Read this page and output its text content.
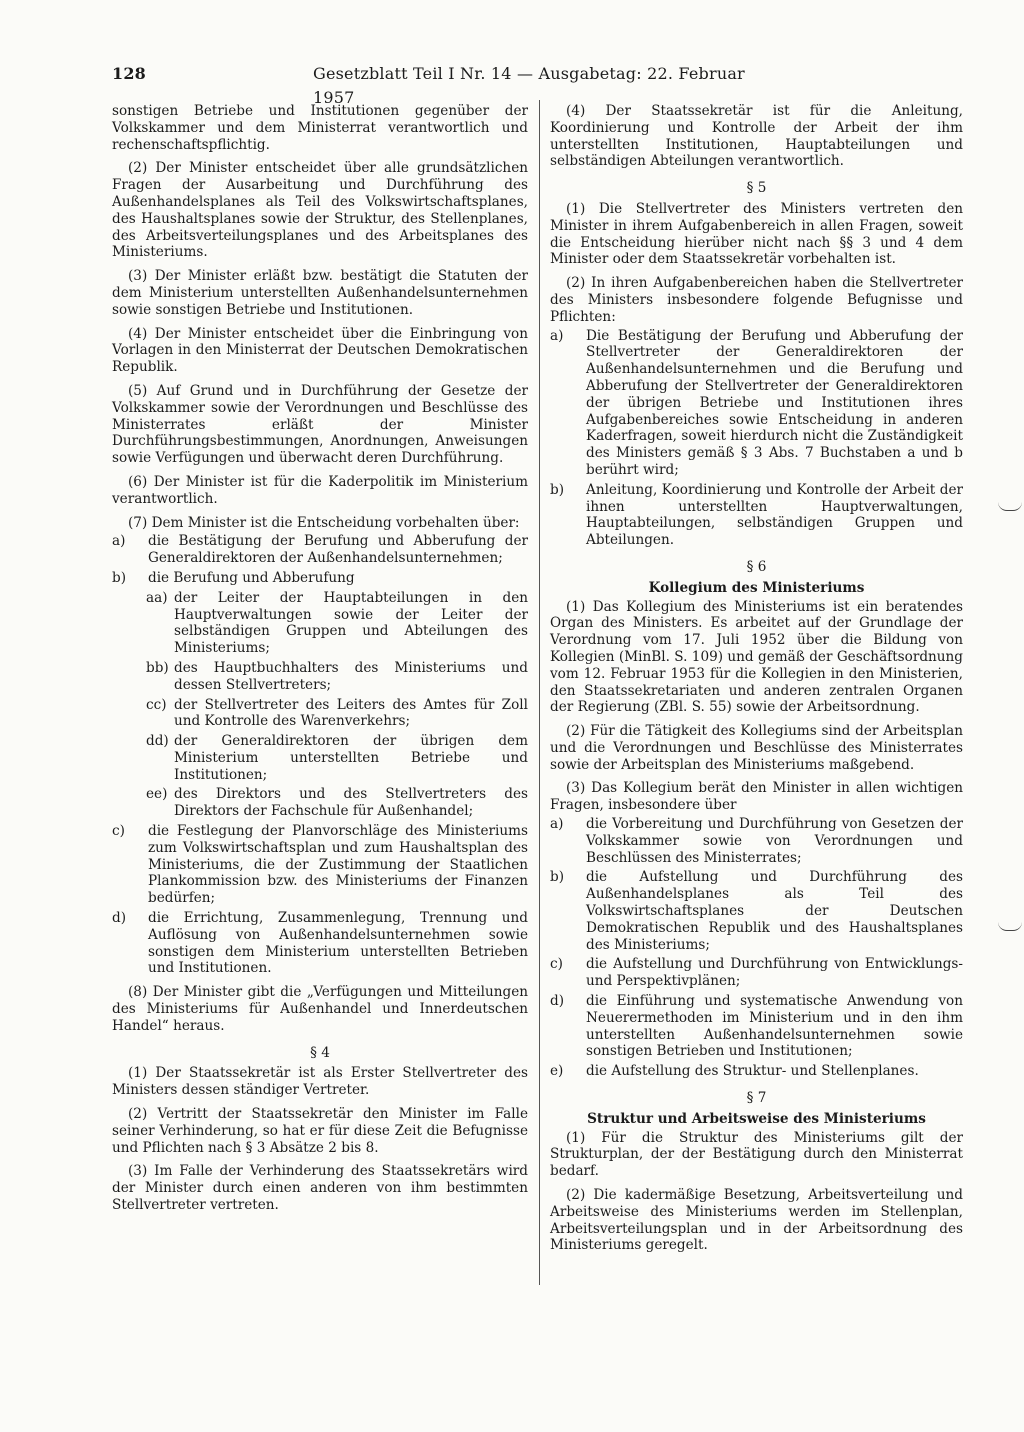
128	Gesetzblatt Teil I Nr. 14 — Ausgabetag: 22. Februar 1957

sonstigen Betriebe und Institutionen gegenüber der Volkskammer und dem Ministerrat verantwortlich und rechenschaftspflichtig.

(2) Der Minister entscheidet über alle grundsätzlichen Fragen der Ausarbeitung und Durchführung des Außenhandelsplanes als Teil des Volkswirtschaftsplanes, des Haushaltsplanes sowie der Struktur, des Stellenplanes, des Arbeitsverteilungsplanes und des Arbeitsplanes des Ministeriums.

(3) Der Minister erläßt bzw. bestätigt die Statuten der dem Ministerium unterstellten Außenhandelsunternehmen sowie sonstigen Betriebe und Institutionen.

(4) Der Minister entscheidet über die Einbringung von Vorlagen in den Ministerrat der Deutschen Demokratischen Republik.

(5) Auf Grund und in Durchführung der Gesetze der Volkskammer sowie der Verordnungen und Beschlüsse des Ministerrates erläßt der Minister Durchführungsbestimmungen, Anordnungen, Anweisungen sowie Verfügungen und überwacht deren Durchführung.

(6) Der Minister ist für die Kaderpolitik im Ministerium verantwortlich.

(7) Dem Minister ist die Entscheidung vorbehalten über:

a) die Bestätigung der Berufung und Abberufung der Generaldirektoren der Außenhandelsunternehmen;
b) die Berufung und Abberufung
aa) der Leiter der Hauptabteilungen in den Hauptverwaltungen sowie der Leiter der selbständigen Gruppen und Abteilungen des Ministeriums;
bb) des Hauptbuchhalters des Ministeriums und dessen Stellvertreters;
cc) der Stellvertreter des Leiters des Amtes für Zoll und Kontrolle des Warenverkehrs;
dd) der Generaldirektoren der übrigen dem Ministerium unterstellten Betriebe und Institutionen;
ee) des Direktors und des Stellvertreters des Direktors der Fachschule für Außenhandel;
c) die Festlegung der Planvorschläge des Ministeriums zum Volkswirtschaftsplan und zum Haushaltsplan des Ministeriums, die der Zustimmung der Staatlichen Plankommission bzw. des Ministeriums der Finanzen bedürfen;
d) die Errichtung, Zusammenlegung, Trennung und Auflösung von Außenhandelsunternehmen sowie sonstigen dem Ministerium unterstellten Betrieben und Institutionen.

(8) Der Minister gibt die „Verfügungen und Mitteilungen des Ministeriums für Außenhandel und Innerdeutschen Handel“ heraus.

§ 4

(1) Der Staatssekretär ist als Erster Stellvertreter des Ministers dessen ständiger Vertreter.

(2) Vertritt der Staatssekretär den Minister im Falle seiner Verhinderung, so hat er für diese Zeit die Befugnisse und Pflichten nach § 3 Absätze 2 bis 8.

(3) Im Falle der Verhinderung des Staatssekretärs wird der Minister durch einen anderen von ihm bestimmten Stellvertreter vertreten.

(4) Der Staatssekretär ist für die Anleitung, Koordinierung und Kontrolle der Arbeit der ihm unterstellten Institutionen, Hauptabteilungen und selbständigen Abteilungen verantwortlich.

§ 5

(1) Die Stellvertreter des Ministers vertreten den Minister in ihrem Aufgabenbereich in allen Fragen, soweit die Entscheidung hierüber nicht nach §§ 3 und 4 dem Minister oder dem Staatssekretär vorbehalten ist.

(2) In ihren Aufgabenbereichen haben die Stellvertreter des Ministers insbesondere folgende Befugnisse und Pflichten:

a) Die Bestätigung der Berufung und Abberufung der Stellvertreter der Generaldirektoren der Außenhandelsunternehmen und die Berufung und Abberufung der Stellvertreter der Generaldirektoren der übrigen Betriebe und Institutionen ihres Aufgabenbereiches sowie Entscheidung in anderen Kaderfragen, soweit hierdurch nicht die Zuständigkeit des Ministers gemäß § 3 Abs. 7 Buchstaben a und b berührt wird;
b) Anleitung, Koordinierung und Kontrolle der Arbeit der ihnen unterstellten Hauptverwaltungen, Hauptabteilungen, selbständigen Gruppen und Abteilungen.

§ 6

Kollegium des Ministeriums

(1) Das Kollegium des Ministeriums ist ein beratendes Organ des Ministers. Es arbeitet auf der Grundlage der Verordnung vom 17. Juli 1952 über die Bildung von Kollegien (MinBl. S. 109) und gemäß der Geschäftsordnung vom 12. Februar 1953 für die Kollegien in den Ministerien, den Staatssekretariaten und anderen zentralen Organen der Regierung (ZBl. S. 55) sowie der Arbeitsordnung.

(2) Für die Tätigkeit des Kollegiums sind der Arbeitsplan und die Verordnungen und Beschlüsse des Ministerrates sowie der Arbeitsplan des Ministeriums maßgebend.

(3) Das Kollegium berät den Minister in allen wichtigen Fragen, insbesondere über

a) die Vorbereitung und Durchführung von Gesetzen der Volkskammer sowie von Verordnungen und Beschlüssen des Ministerrates;
b) die Aufstellung und Durchführung des Außenhandelsplanes als Teil des Volkswirtschaftsplanes der Deutschen Demokratischen Republik und des Haushaltsplanes des Ministeriums;
c) die Aufstellung und Durchführung von Entwicklungs- und Perspektivplänen;
d) die Einführung und systematische Anwendung von Neuerermethoden im Ministerium und in den ihm unterstellten Außenhandelsunternehmen sowie sonstigen Betrieben und Institutionen;
e) die Aufstellung des Struktur- und Stellenplanes.

§ 7

Struktur und Arbeitsweise des Ministeriums

(1) Für die Struktur des Ministeriums gilt der Strukturplan, der der Bestätigung durch den Ministerrat bedarf.

(2) Die kadermäßige Besetzung, Arbeitsverteilung und Arbeitsweise des Ministeriums werden im Stellenplan, Arbeitsverteilungsplan und in der Arbeitsordnung des Ministeriums geregelt.
